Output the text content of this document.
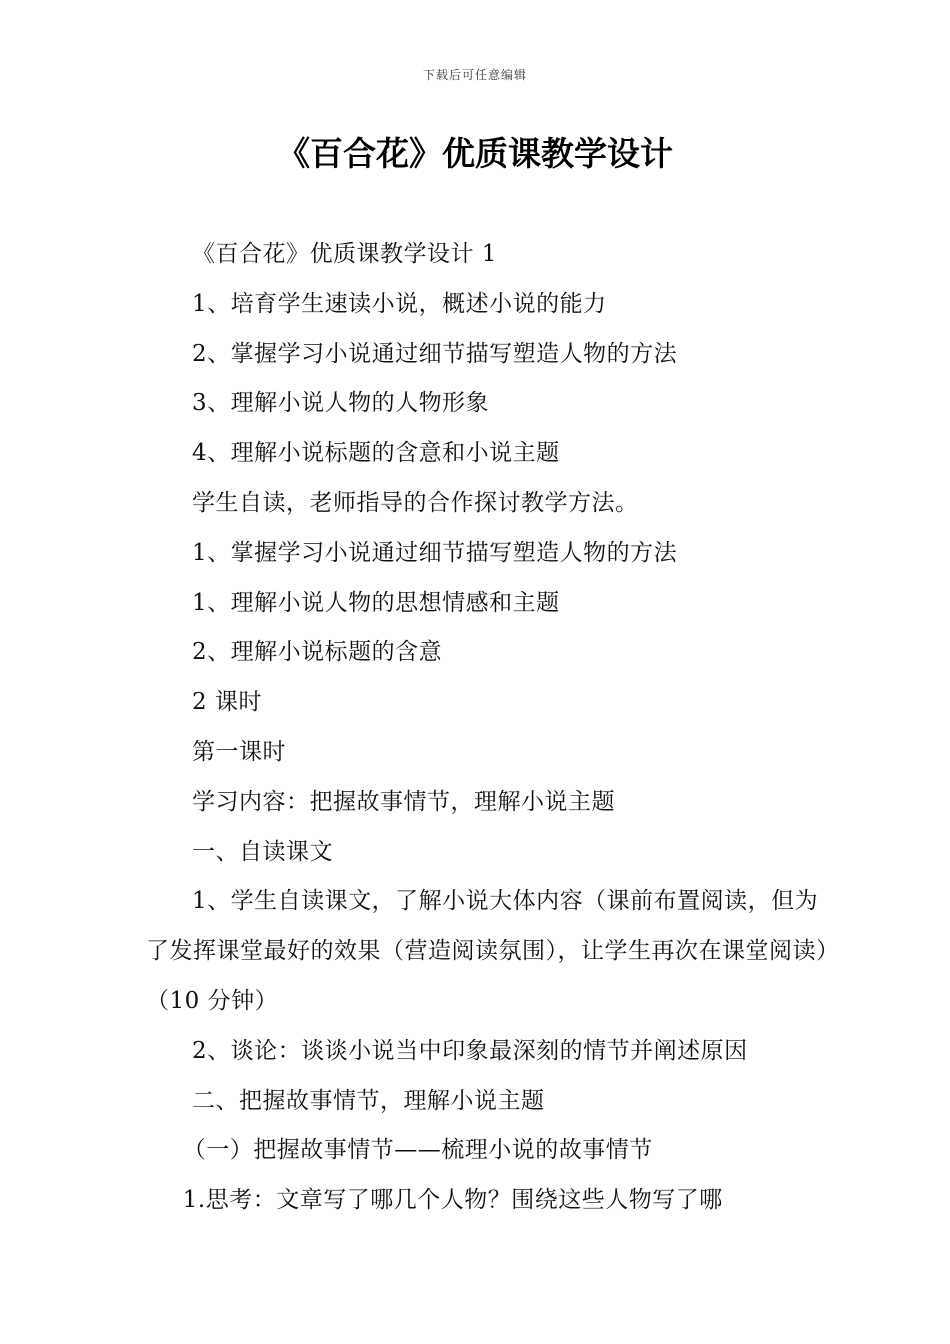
下载后可任意编辑
《百合花》优质课教学设计

《百合花》优质课教学设计 1

1、培育学生速读小说，概述小说的能力

2、掌握学习小说通过细节描写塑造人物的方法

3、理解小说人物的人物形象

4、理解小说标题的含意和小说主题

学生自读，老师指导的合作探讨教学方法。

1、掌握学习小说通过细节描写塑造人物的方法

1、理解小说人物的思想情感和主题

2、理解小说标题的含意

2 课时

第一课时

学习内容：把握故事情节，理解小说主题

一、自读课文

1、学生自读课文，了解小说大体内容（课前布置阅读，但为了发挥课堂最好的效果（营造阅读氛围），让学生再次在课堂阅读）（10 分钟）

2、谈论：谈谈小说当中印象最深刻的情节并阐述原因

二、把握故事情节，理解小说主题

（一）把握故事情节——梳理小说的故事情节

1.思考：文章写了哪几个人物？围绕这些人物写了哪
